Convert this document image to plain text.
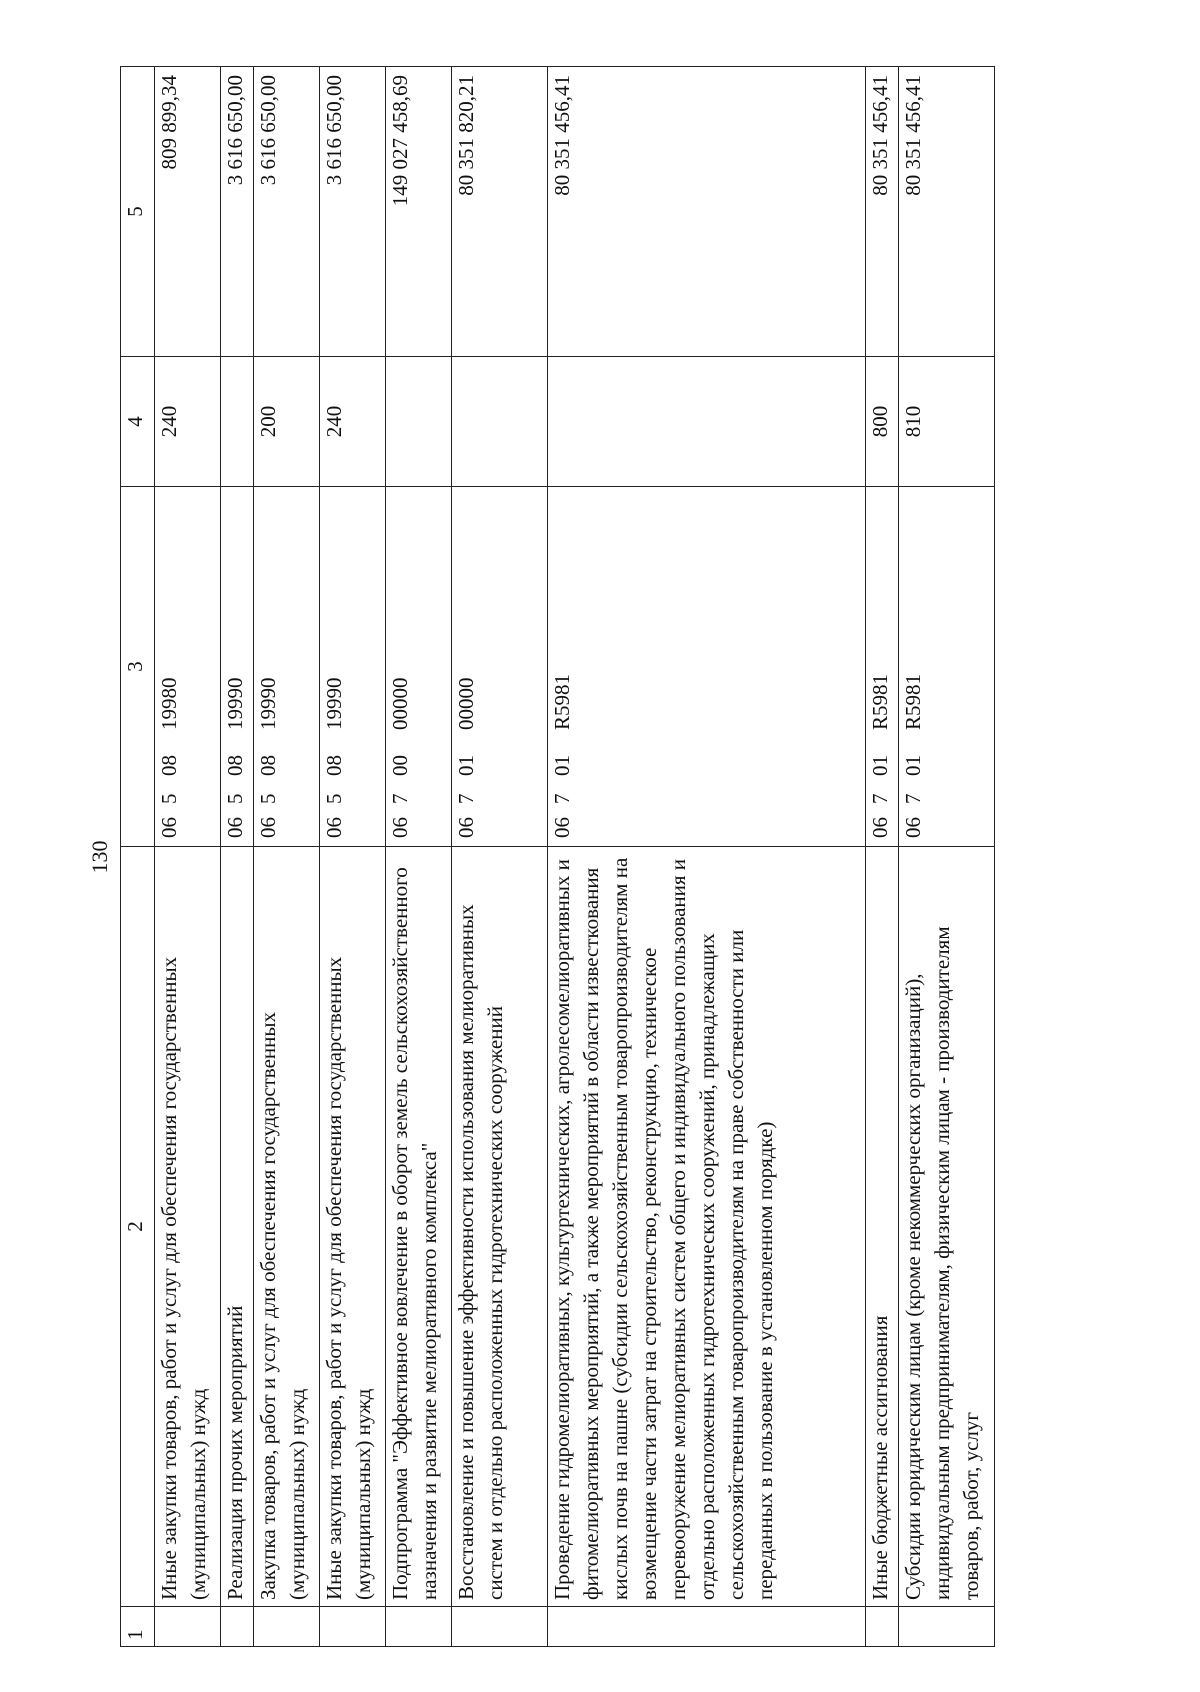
130
1	2	3	4	5
	Иные закупки товаров, работ и услуг для обеспечения государственных (муниципальных) нужд	0650819980	240	809 899,34
	Реализация прочих мероприятий	0650819990		3 616 650,00
	Закупка товаров, работ и услуг для обеспечения государственных (муниципальных) нужд	0650819990	200	3 616 650,00
	Иные закупки товаров, работ и услуг для обеспечения государственных (муниципальных) нужд	0650819990	240	3 616 650,00
	Подпрограмма "Эффективное вовлечение в оборот земель сельскохозяйственного назначения и развитие мелиоративного комплекса"	0670000000		149 027 458,69
	Восстановление и повышение эффективности использования мелиоративных систем и отдельно расположенных гидротехнических сооружений	0670100000		80 351 820,21
	Проведение гидромелиоративных, культуртехнических, агролесомелиоративных и фитомелиоративных мероприятий, а также мероприятий в области известкования кислых почв на пашне (субсидии сельскохозяйственным товаропроизводителям на возмещение части затрат на строительство, реконструкцию, техническое перевооружение мелиоративных систем общего и индивидуального пользования и отдельно расположенных гидротехнических сооружений, принадлежащих сельскохозяйственным товаропроизводителям на праве собственности или переданных в пользование в установленном порядке)	06701R5981		80 351 456,41
	Иные бюджетные ассигнования	06701R5981	800	80 351 456,41
	Субсидии юридическим лицам (кроме некоммерческих организаций), индивидуальным предпринимателям, физическим лицам - производителям товаров, работ, услуг	06701R5981	810	80 351 456,41
